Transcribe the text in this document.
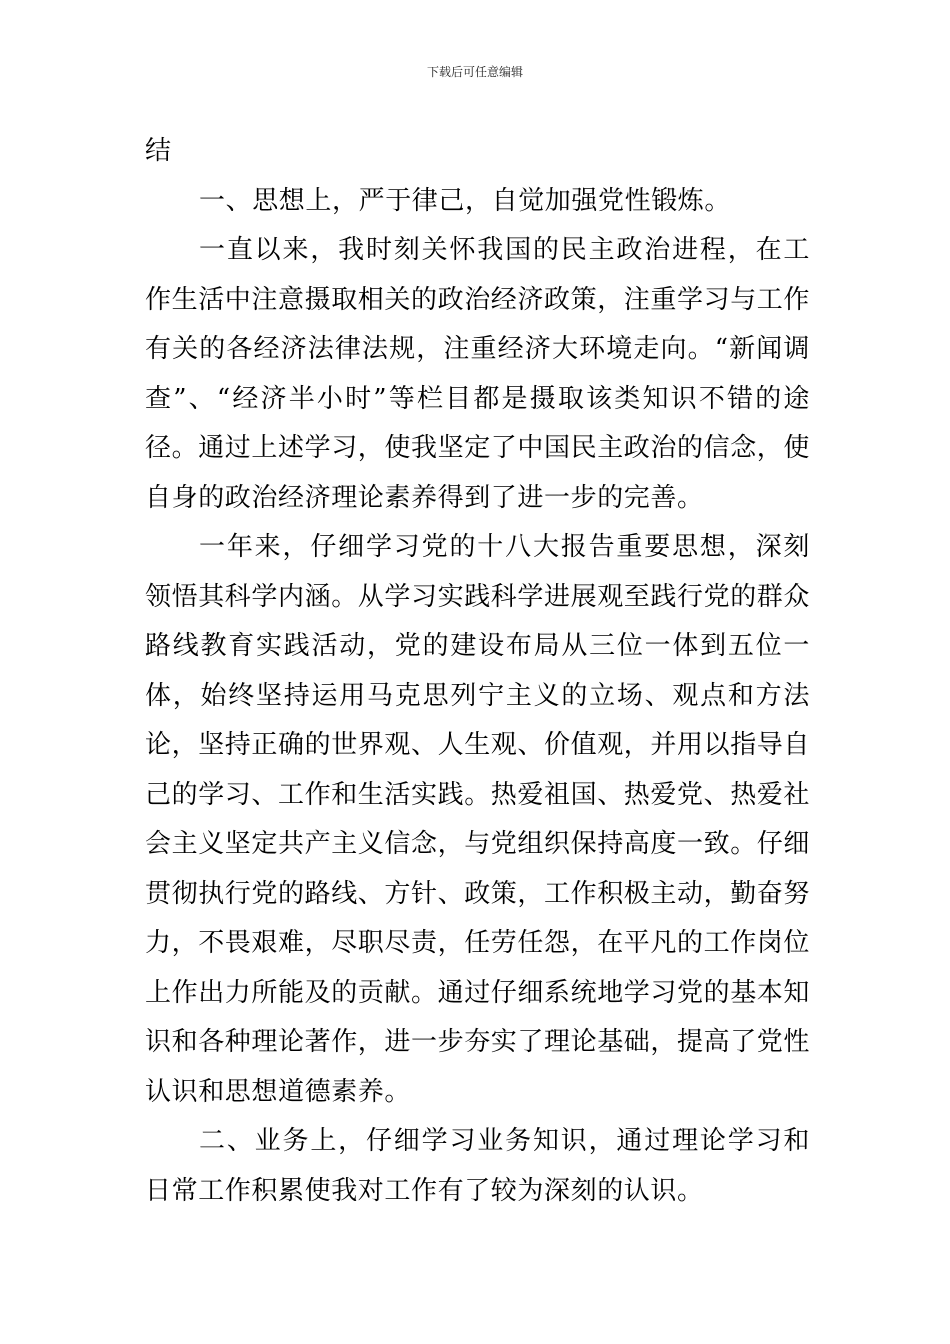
下载后可任意编辑

结

一、思想上，严于律己，自觉加强党性锻炼。

一直以来，我时刻关怀我国的民主政治进程，在工作生活中注意摄取相关的政治经济政策，注重学习与工作有关的各经济法律法规，注重经济大环境走向。“新闻调查”、“经济半小时”等栏目都是摄取该类知识不错的途径。通过上述学习，使我坚定了中国民主政治的信念，使自身的政治经济理论素养得到了进一步的完善。

一年来，仔细学习党的十八大报告重要思想，深刻领悟其科学内涵。从学习实践科学进展观至践行党的群众路线教育实践活动，党的建设布局从三位一体到五位一体，始终坚持运用马克思列宁主义的立场、观点和方法论，坚持正确的世界观、人生观、价值观，并用以指导自己的学习、工作和生活实践。热爱祖国、热爱党、热爱社会主义坚定共产主义信念，与党组织保持高度一致。仔细贯彻执行党的路线、方针、政策，工作积极主动，勤奋努力，不畏艰难，尽职尽责，任劳任怨，在平凡的工作岗位上作出力所能及的贡献。通过仔细系统地学习党的基本知识和各种理论著作，进一步夯实了理论基础，提高了党性认识和思想道德素养。

二、业务上，仔细学习业务知识，通过理论学习和日常工作积累使我对工作有了较为深刻的认识。
